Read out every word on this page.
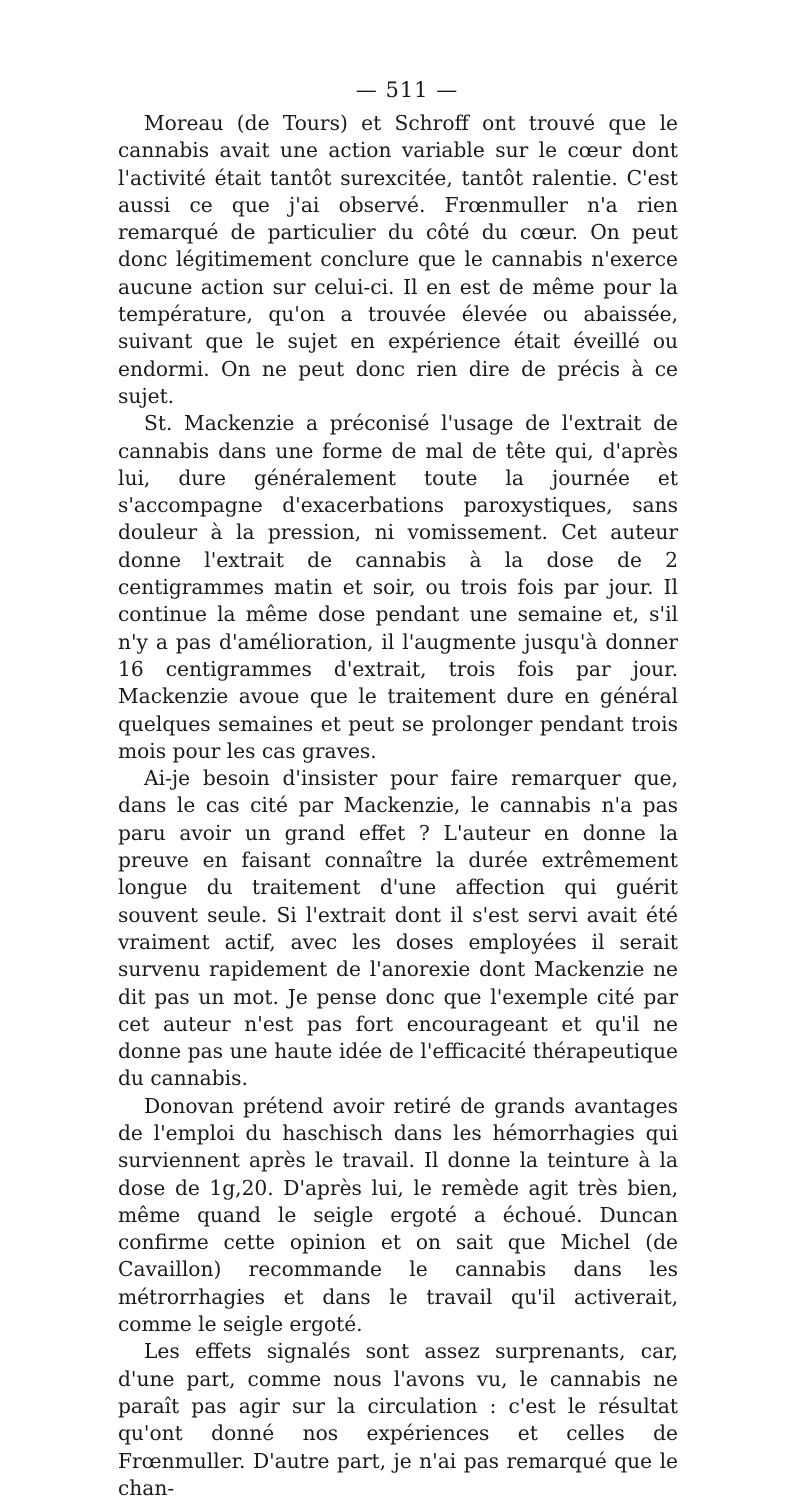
— 511 —

Moreau (de Tours) et Schroff ont trouvé que le cannabis avait une action variable sur le cœur dont l'activité était tantôt surexcitée, tantôt ralentie. C'est aussi ce que j'ai observé. Frœnmuller n'a rien remarqué de particulier du côté du cœur. On peut donc légitimement conclure que le cannabis n'exerce aucune action sur celui-ci. Il en est de même pour la température, qu'on a trouvée élevée ou abaissée, suivant que le sujet en expérience était éveillé ou endormi. On ne peut donc rien dire de précis à ce sujet.

St. Mackenzie a préconisé l'usage de l'extrait de cannabis dans une forme de mal de tête qui, d'après lui, dure généralement toute la journée et s'accompagne d'exacerbations paroxystiques, sans douleur à la pression, ni vomissement. Cet auteur donne l'extrait de cannabis à la dose de 2 centigrammes matin et soir, ou trois fois par jour. Il continue la même dose pendant une semaine et, s'il n'y a pas d'amélioration, il l'augmente jusqu'à donner 16 centigrammes d'extrait, trois fois par jour. Mackenzie avoue que le traitement dure en général quelques semaines et peut se prolonger pendant trois mois pour les cas graves.

Ai-je besoin d'insister pour faire remarquer que, dans le cas cité par Mackenzie, le cannabis n'a pas paru avoir un grand effet ? L'auteur en donne la preuve en faisant connaître la durée extrêmement longue du traitement d'une affection qui guérit souvent seule. Si l'extrait dont il s'est servi avait été vraiment actif, avec les doses employées il serait survenu rapidement de l'anorexie dont Mackenzie ne dit pas un mot. Je pense donc que l'exemple cité par cet auteur n'est pas fort encourageant et qu'il ne donne pas une haute idée de l'efficacité thérapeutique du cannabis.

Donovan prétend avoir retiré de grands avantages de l'emploi du haschisch dans les hémorrhagies qui surviennent après le travail. Il donne la teinture à la dose de 1g,20. D'après lui, le remède agit très bien, même quand le seigle ergoté a échoué. Duncan confirme cette opinion et on sait que Michel (de Cavaillon) recommande le cannabis dans les métrorrhagies et dans le travail qu'il activerait, comme le seigle ergoté.

Les effets signalés sont assez surprenants, car, d'une part, comme nous l'avons vu, le cannabis ne paraît pas agir sur la circulation : c'est le résultat qu'ont donné nos expériences et celles de Frœnmuller. D'autre part, je n'ai pas remarqué que le chan-
